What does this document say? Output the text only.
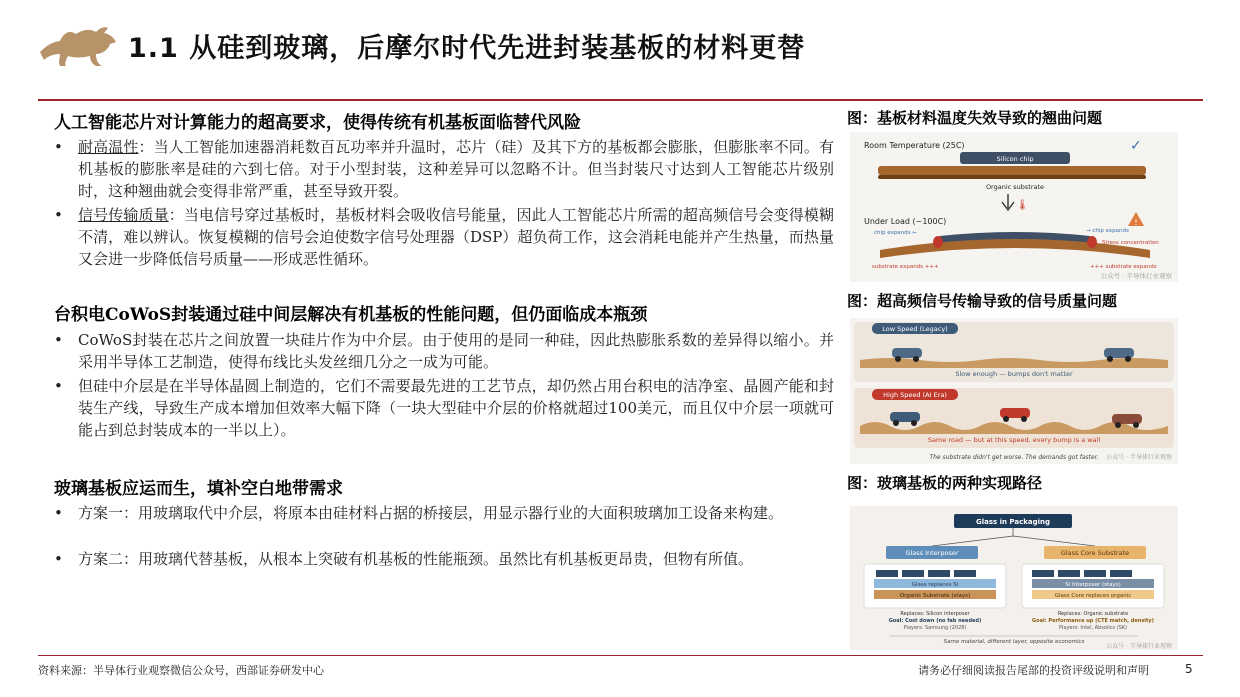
1.1 从硅到玻璃，后摩尔时代先进封装基板的材料更替
人工智能芯片对计算能力的超高要求，使得传统有机基板面临替代风险
• 耐高温性：当人工智能加速器消耗数百瓦功率并升温时，芯片（硅）及其下方的基板都会膨胀，但膨胀率不同。有机基板的膨胀率是硅的六到七倍。对于小型封装，这种差异可以忽略不计。但当封装尺寸达到人工智能芯片级别时，这种翘曲就会变得非常严重，甚至导致开裂。
• 信号传输质量：当电信号穿过基板时，基板材料会吸收信号能量，因此人工智能芯片所需的超高频信号会变得模糊不清，难以辨认。恢复模糊的信号会迫使数字信号处理器（DSP）超负荷工作，这会消耗电能并产生热量，而热量又会进一步降低信号质量——形成恶性循环。
台积电CoWoS封装通过硅中间层解决有机基板的性能问题，但仍面临成本瓶颈
• CoWoS封装在芯片之间放置一块硅片作为中介层。由于使用的是同一种硅，因此热膨胀系数的差异得以缩小。并采用半导体工艺制造，使得布线比头发丝细几分之一成为可能。
• 但硅中介层是在半导体晶圆上制造的，它们不需要最先进的工艺节点，却仍然占用台积电的洁净室、晶圆产能和封装生产线，导致生产成本增加但效率大幅下降（一块大型硅中介层的价格就超过100美元，而且仅中介层一项就可能占到总封装成本的一半以上）。
玻璃基板应运而生，填补空白地带需求
• 方案一：用玻璃取代中介层，将原本由硅材料占据的桥接层，用显示器行业的大面积玻璃加工设备来构建。
• 方案二：用玻璃代替基板，从根本上突破有机基板的性能瓶颈。虽然比有机基板更昂贵，但物有所值。
图：基板材料温度失效导致的翘曲问题
Room Temperature (25C)	✓
Silicon chip
Organic substrate
🌡
Under Load (~100C)	!
chip expands ←	→ chip expands
Stress concentration
substrate expands +++	+++ substrate expands
公众号 · 半导体行业观察
图：超高频信号传输导致的信号质量问题
Low Speed (Legacy)
Slow enough — bumps don't matter
High Speed (AI Era)
Same road — but at this speed, every bump is a wall
The substrate didn't get worse. The demands got faster. 公众号 · 半导体行业观察
图：玻璃基板的两种实现路径
Glass in Packaging
Glass Interposer	Glass Core Substrate
Glass replaces Si
Organic Substrate (stays)
Si Interposer (stays)
Glass Core replaces organic
Replaces: Silicon interposer
Goal: Cost down (no fab needed)
Players: Samsung (2028)
Replaces: Organic substrate
Goal: Performance up (CTE match, density)
Players: Intel, Absolics (SK)
Same material, different layer, opposite economics
公众号 · 半导体行业观察
资料来源：半导体行业观察微信公众号，西部证券研发中心	请务必仔细阅读报告尾部的投资评级说明和声明	5
